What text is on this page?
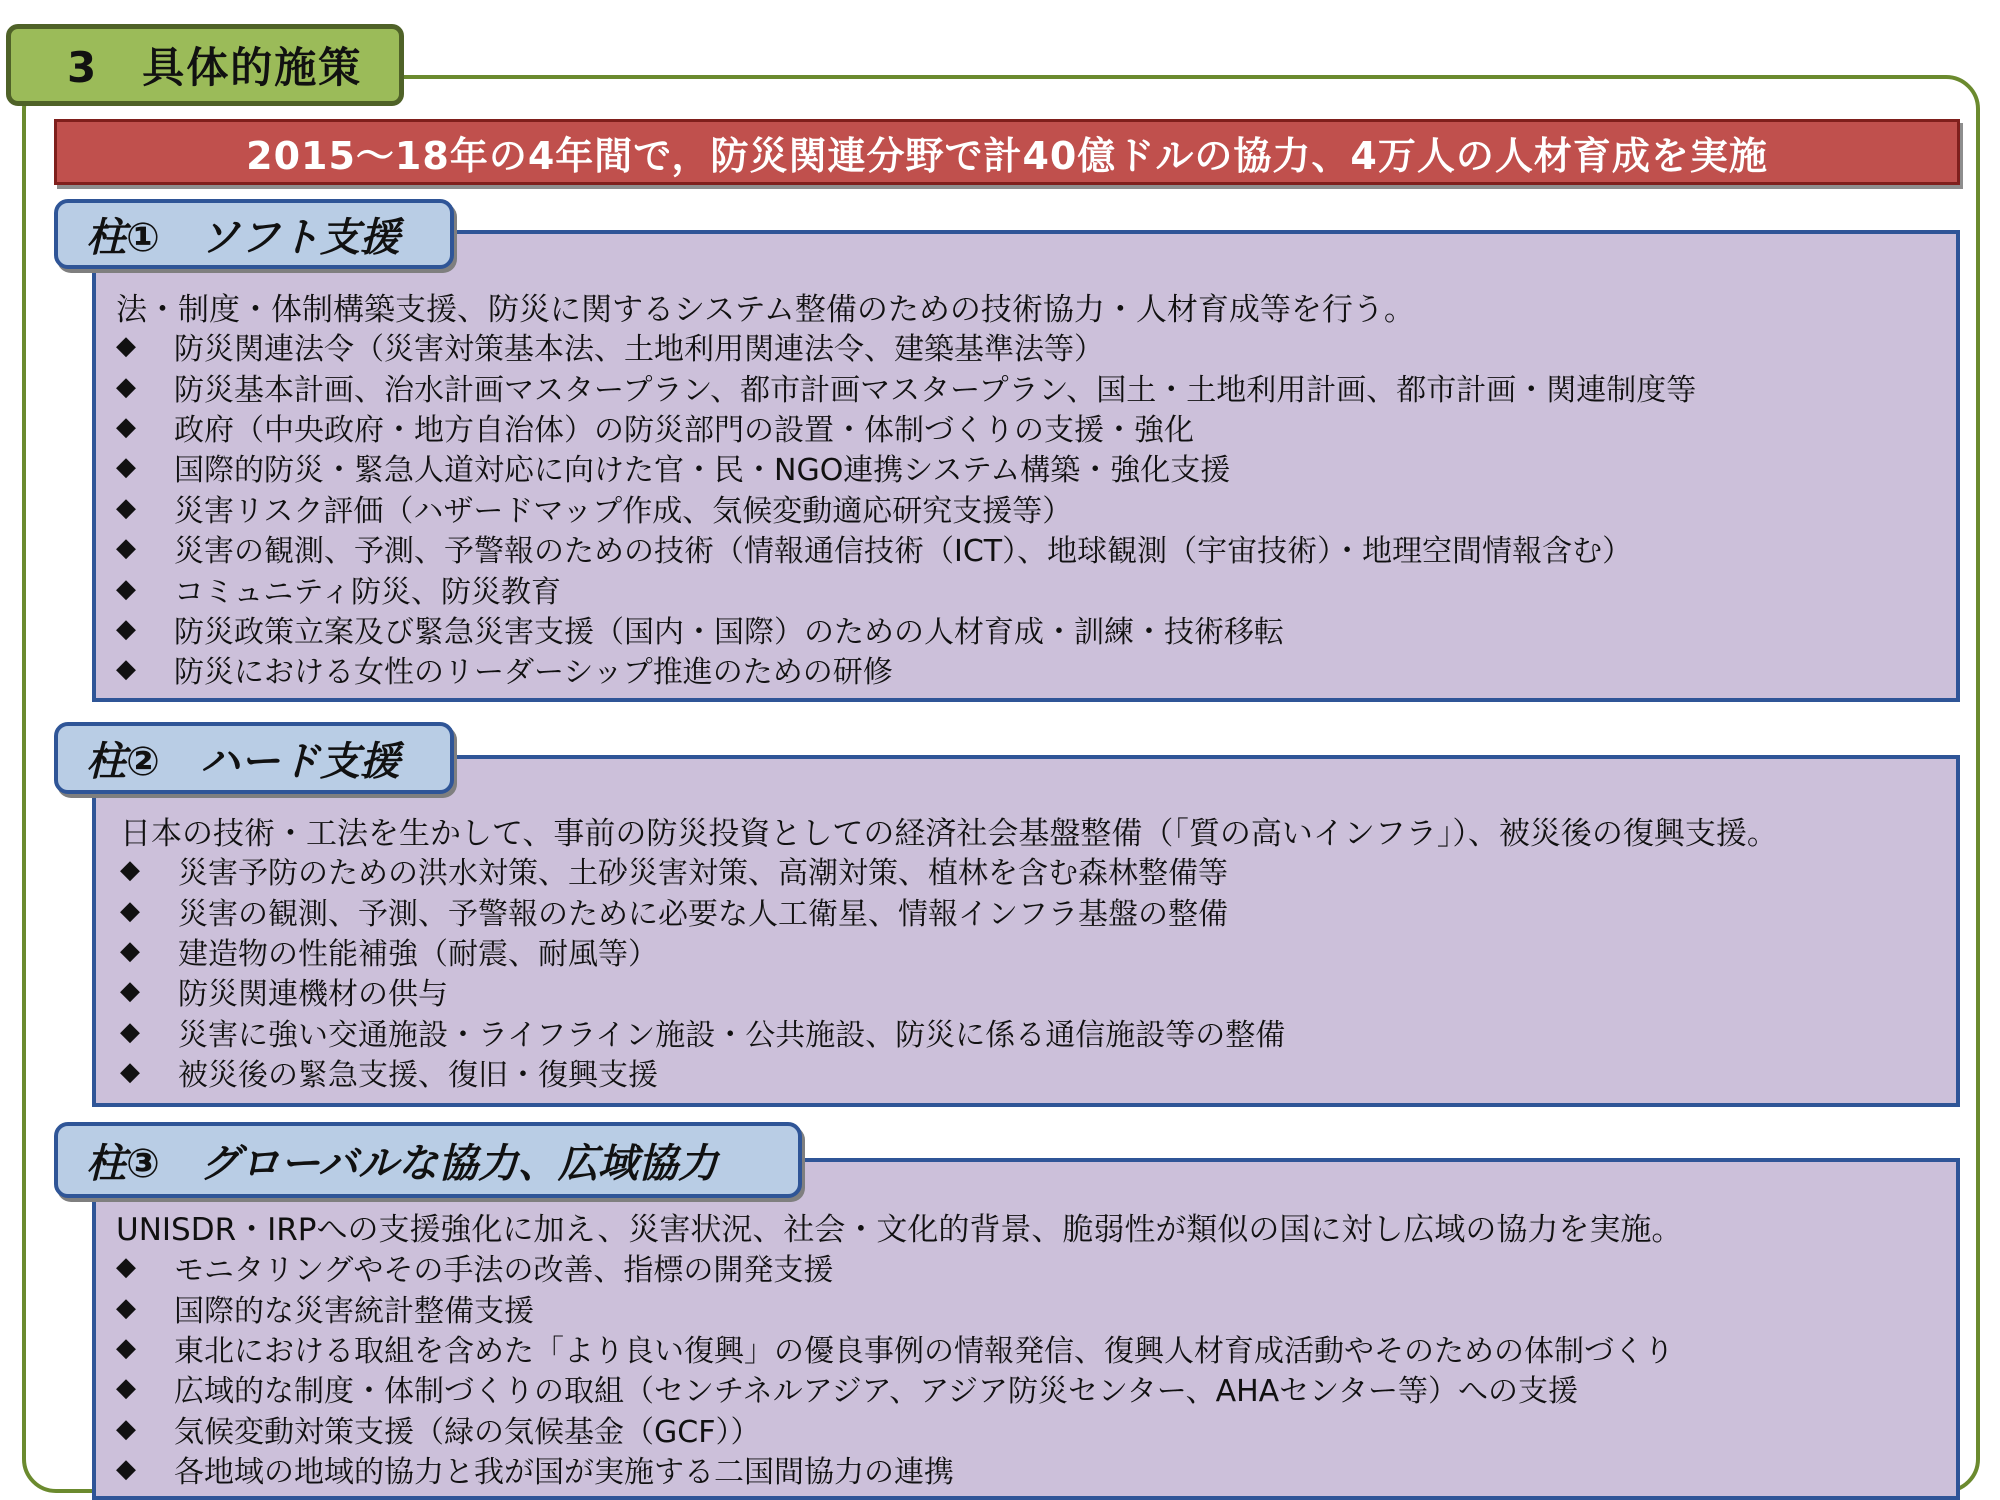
3　具体的施策
2015～18年の4年間で，防災関連分野で計40億ドルの協力、4万人の人材育成を実施
柱①　ソフト支援
法・制度・体制構築支援、防災に関するシステム整備のための技術協力・人材育成等を行う。
◆	防災関連法令（災害対策基本法、土地利用関連法令、建築基準法等）
◆	防災基本計画、治水計画マスタープラン、都市計画マスタープラン、国土・土地利用計画、都市計画・関連制度等
◆	政府（中央政府・地方自治体）の防災部門の設置・体制づくりの支援・強化
◆	国際的防災・緊急人道対応に向けた官・民・NGO連携システム構築・強化支援
◆	災害リスク評価（ハザードマップ作成、気候変動適応研究支援等）
◆	災害の観測、予測、予警報のための技術（情報通信技術（ICT）、地球観測（宇宙技術）・地理空間情報含む）
◆	コミュニティ防災、防災教育
◆	防災政策立案及び緊急災害支援（国内・国際）のための人材育成・訓練・技術移転
◆	防災における女性のリーダーシップ推進のための研修
柱②　ハード支援
日本の技術・工法を生かして、事前の防災投資としての経済社会基盤整備（「質の高いインフラ」）、被災後の復興支援。
◆	災害予防のための洪水対策、土砂災害対策、高潮対策、植林を含む森林整備等
◆	災害の観測、予測、予警報のために必要な人工衛星、情報インフラ基盤の整備
◆	建造物の性能補強（耐震、耐風等）
◆	防災関連機材の供与
◆	災害に強い交通施設・ライフライン施設・公共施設、防災に係る通信施設等の整備
◆	被災後の緊急支援、復旧・復興支援
柱③　グローバルな協力、広域協力
UNISDR・IRPへの支援強化に加え、災害状況、社会・文化的背景、脆弱性が類似の国に対し広域の協力を実施。
◆	モニタリングやその手法の改善、指標の開発支援
◆	国際的な災害統計整備支援
◆	東北における取組を含めた「より良い復興」の優良事例の情報発信、復興人材育成活動やそのための体制づくり
◆	広域的な制度・体制づくりの取組（センチネルアジア、アジア防災センター、AHAセンター等）への支援
◆	気候変動対策支援（緑の気候基金（GCF））
◆	各地域の地域的協力と我が国が実施する二国間協力の連携
